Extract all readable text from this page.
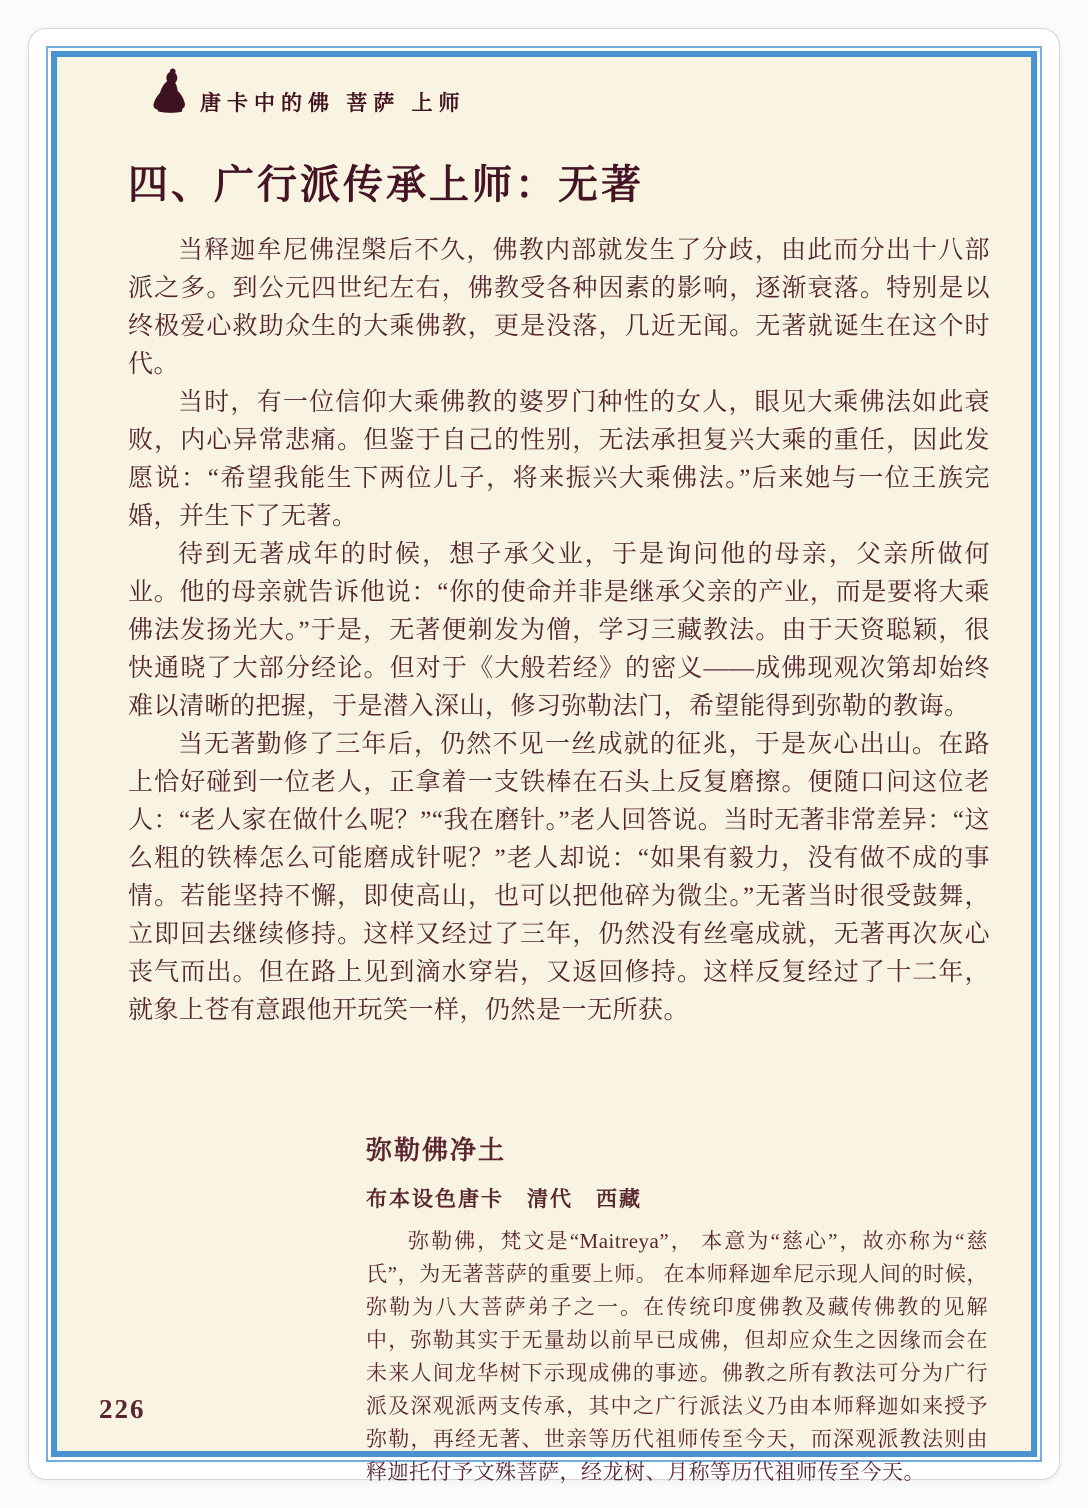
唐卡中的佛 菩萨 上师
四、广行派传承上师：无著

当释迦牟尼佛涅槃后不久，佛教内部就发生了分歧，由此而分出十八部派之多。到公元四世纪左右，佛教受各种因素的影响，逐渐衰落。特别是以终极爱心救助众生的大乘佛教，更是没落，几近无闻。无著就诞生在这个时代。

当时，有一位信仰大乘佛教的婆罗门种性的女人，眼见大乘佛法如此衰败，内心异常悲痛。但鉴于自己的性别，无法承担复兴大乘的重任，因此发愿说：“希望我能生下两位儿子，将来振兴大乘佛法。”后来她与一位王族完婚，并生下了无著。

待到无著成年的时候，想子承父业，于是询问他的母亲，父亲所做何业。他的母亲就告诉他说：“你的使命并非是继承父亲的产业，而是要将大乘佛法发扬光大。”于是，无著便剃发为僧，学习三藏教法。由于天资聪颖，很快通晓了大部分经论。但对于《大般若经》的密义——成佛现观次第却始终难以清晰的把握，于是潜入深山，修习弥勒法门，希望能得到弥勒的教诲。

当无著勤修了三年后，仍然不见一丝成就的征兆，于是灰心出山。在路上恰好碰到一位老人，正拿着一支铁棒在石头上反复磨擦。便随口问这位老人：“老人家在做什么呢？”“我在磨针。”老人回答说。当时无著非常差异：“这么粗的铁棒怎么可能磨成针呢？”老人却说：“如果有毅力，没有做不成的事情。若能坚持不懈，即使高山，也可以把他碎为微尘。”无著当时很受鼓舞，立即回去继续修持。这样又经过了三年，仍然没有丝毫成就，无著再次灰心丧气而出。但在路上见到滴水穿岩，又返回修持。这样反复经过了十二年，就象上苍有意跟他开玩笑一样，仍然是一无所获。

弥勒佛净土
布本设色唐卡　清代　西藏

弥勒佛，梵文是“Maitreya”， 本意为“慈心”，故亦称为“慈氏”，为无著菩萨的重要上师。 在本师释迦牟尼示现人间的时候，弥勒为八大菩萨弟子之一。在传统印度佛教及藏传佛教的见解中，弥勒其实于无量劫以前早已成佛，但却应众生之因缘而会在未来人间龙华树下示现成佛的事迹。佛教之所有教法可分为广行派及深观派两支传承，其中之广行派法义乃由本师释迦如来授予弥勒，再经无著、世亲等历代祖师传至今天，而深观派教法则由释迦托付予文殊菩萨，经龙树、月称等历代祖师传至今天。

226
